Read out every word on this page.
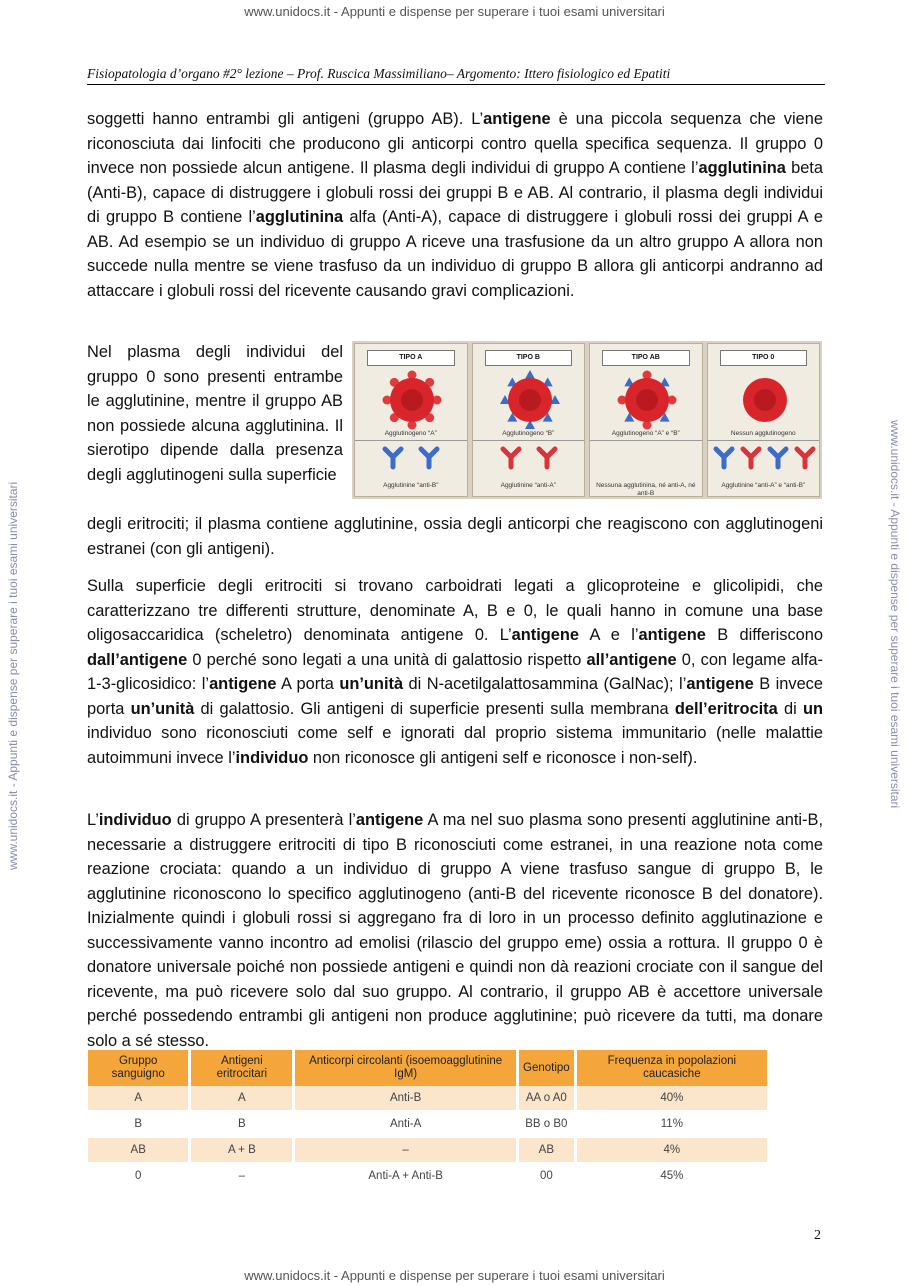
www.unidocs.it - Appunti e dispense per superare i tuoi esami universitari
www.unidocs.it - Appunti e dispense per superare i tuoi esami universitari	www.unidocs.it - Appunti e dispense per superare i tuoi esami universitari
Fisiopatologia d’organo #2° lezione – Prof. Ruscica Massimiliano– Argomento: Ittero fisiologico ed Epatiti

soggetti hanno entrambi gli antigeni (gruppo AB). L’antigene è una piccola sequenza che viene riconosciuta dai linfociti che producono gli anticorpi contro quella specifica sequenza. Il gruppo 0 invece non possiede alcun antigene. Il plasma degli individui di gruppo A contiene l’agglutinina beta (Anti-B), capace di distruggere i globuli rossi dei gruppi B e AB. Al contrario, il plasma degli individui di gruppo B contiene l’agglutinina alfa (Anti-A), capace di distruggere i globuli rossi dei gruppi A e AB. Ad esempio se un individuo di gruppo A riceve una trasfusione da un altro gruppo A allora non succede nulla mentre se viene trasfuso da un individuo di gruppo B allora gli anticorpi andranno ad attaccare i globuli rossi del ricevente causando gravi complicazioni.

Nel plasma degli individui del gruppo 0 sono presenti entrambe le agglutinine, mentre il gruppo AB non possiede alcuna agglutinina. Il sierotipo dipende dalla presenza degli agglutinogeni sulla superficie

TIPO A
Agglutinogeno “A”
Agglutinine “anti-B”
TIPO B
Agglutinogeno “B”
Agglutinine “anti-A”
TIPO AB
Agglutinogeno “A” e “B”
Nessuna agglutinina, né anti-A, né anti-B
TIPO 0
Nessun agglutinogeno
Agglutinine “anti-A” e “anti-B”

degli eritrociti; il plasma contiene agglutinine, ossia degli anticorpi che reagiscono con agglutinogeni estranei (con gli antigeni).

Sulla superficie degli eritrociti si trovano carboidrati legati a glicoproteine e glicolipidi, che caratterizzano tre differenti strutture, denominate A, B e 0, le quali hanno in comune una base oligosaccaridica (scheletro) denominata antigene 0. L’antigene A e l’antigene B differiscono dall’antigene 0 perché sono legati a una unità di galattosio rispetto all’antigene 0, con legame alfa-1-3-glicosidico: l’antigene A porta un’unità di N-acetilgalattosammina (GalNac); l’antigene B invece porta un’unità di galattosio. Gli antigeni di superficie presenti sulla membrana dell’eritrocita di un individuo sono riconosciuti come self e ignorati dal proprio sistema immunitario (nelle malattie autoimmuni invece l’individuo non riconosce gli antigeni self e riconosce i non-self).

L’individuo di gruppo A presenterà l’antigene A ma nel suo plasma sono presenti agglutinine anti-B, necessarie a distruggere eritrociti di tipo B riconosciuti come estranei, in una reazione nota come reazione crociata: quando a un individuo di gruppo A viene trasfuso sangue di gruppo B, le agglutinine riconoscono lo specifico agglutinogeno (anti-B del ricevente riconosce B del donatore). Inizialmente quindi i globuli rossi si aggregano fra di loro in un processo definito agglutinazione e successivamente vanno incontro ad emolisi (rilascio del gruppo eme) ossia a rottura. Il gruppo 0 è donatore universale poiché non possiede antigeni e quindi non dà reazioni crociate con il sangue del ricevente, ma può ricevere solo dal suo gruppo. Al contrario, il gruppo AB è accettore universale perché possedendo entrambi gli antigeni non produce agglutinine; può ricevere da tutti, ma donare solo a sé stesso.

Gruppo sanguigno	Antigeni eritrocitari	Anticorpi circolanti (isoemoagglutinine IgM)	Genotipo	Frequenza in popolazioni caucasiche
A	A	Anti-B	AA o A0	40%
B	B	Anti-A	BB o B0	11%
AB	A + B	–	AB	4%
0	–	Anti-A + Anti-B	00	45%
2
www.unidocs.it - Appunti e dispense per superare i tuoi esami universitari
